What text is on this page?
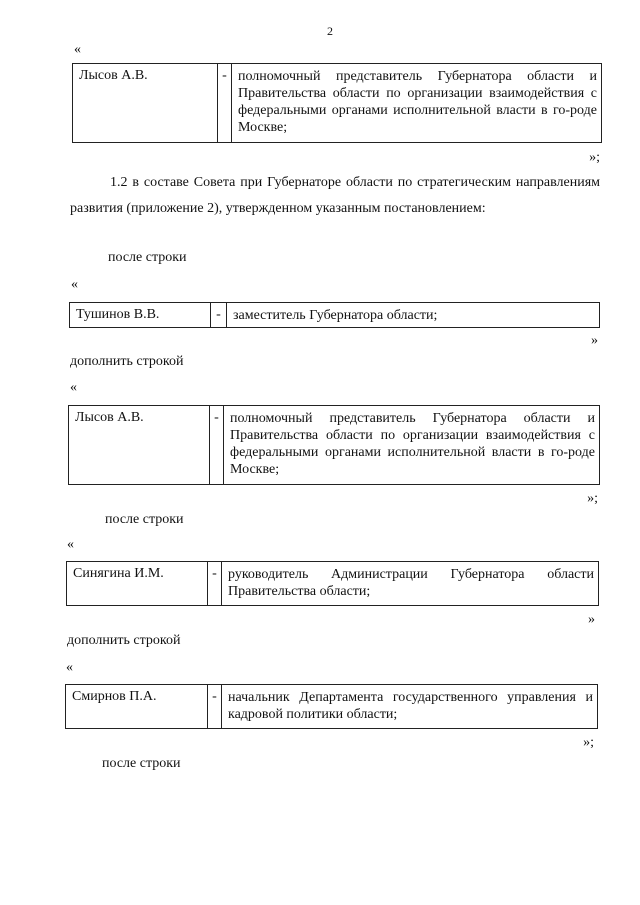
2
«
Лысов А.В.	- полномочный представитель Губернатора области и Правительства области по организации взаимодействия с федеральными органами исполнительной власти в го-роде Москве;
»;
1.2 в составе Совета при Губернаторе области по стратегическим направлениям развития (приложение 2), утвержденном указанным постановлением:
после строки
«
Тушинов В.В.	- заместитель Губернатора области;
»
дополнить строкой
«
Лысов А.В.	- полномочный представитель Губернатора области и Правительства области по организации взаимодействия с федеральными органами исполнительной власти в го-роде Москве;
»;
после строки
«
Синягина И.М.	- руководитель Администрации Губернатора области Правительства области;
»
дополнить строкой
«
Смирнов П.А.	- начальник Департамента государственного управления и кадровой политики области;
»;
после строки
